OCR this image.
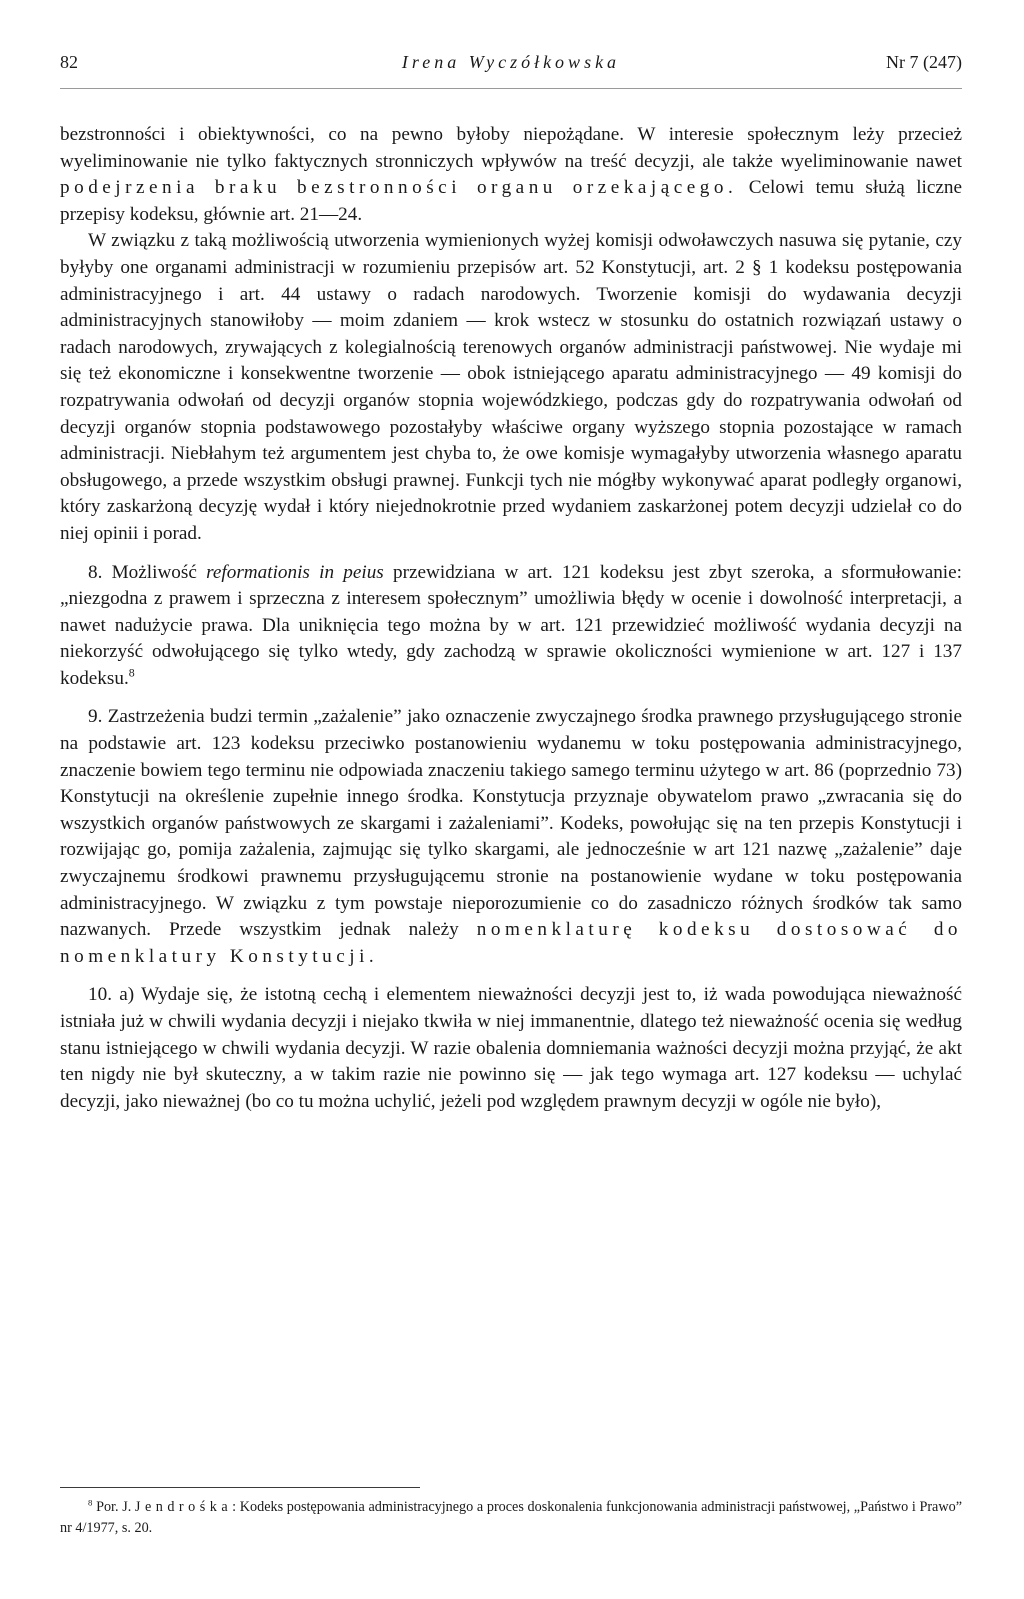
82	Irena Wyczółkowska	Nr 7 (247)

bezstronności i obiektywności, co na pewno byłoby niepożądane. W interesie społecznym leży przecież wyeliminowanie nie tylko faktycznych stronniczych wpływów na treść decyzji, ale także wyeliminowanie nawet podejrzenia braku bezstronności organu orzekającego. Celowi temu służą liczne przepisy kodeksu, głównie art. 21—24.

W związku z taką możliwością utworzenia wymienionych wyżej komisji odwoławczych nasuwa się pytanie, czy byłyby one organami administracji w rozumieniu przepisów art. 52 Konstytucji, art. 2 § 1 kodeksu postępowania administracyjnego i art. 44 ustawy o radach narodowych. Tworzenie komisji do wydawania decyzji administracyjnych stanowiłoby — moim zdaniem — krok wstecz w stosunku do ostatnich rozwiązań ustawy o radach narodowych, zrywających z kolegialnością terenowych organów administracji państwowej. Nie wydaje mi się też ekonomiczne i konsekwentne tworzenie — obok istniejącego aparatu administracyjnego — 49 komisji do rozpatrywania odwołań od decyzji organów stopnia wojewódzkiego, podczas gdy do rozpatrywania odwołań od decyzji organów stopnia podstawowego pozostałyby właściwe organy wyższego stopnia pozostające w ramach administracji. Niebłahym też argumentem jest chyba to, że owe komisje wymagałyby utworzenia własnego aparatu obsługowego, a przede wszystkim obsługi prawnej. Funkcji tych nie mógłby wykonywać aparat podległy organowi, który zaskarżoną decyzję wydał i który niejednokrotnie przed wydaniem zaskarżonej potem decyzji udzielał co do niej opinii i porad.

8. Możliwość reformationis in peius przewidziana w art. 121 kodeksu jest zbyt szeroka, a sformułowanie: „niezgodna z prawem i sprzeczna z interesem społecznym” umożliwia błędy w ocenie i dowolność interpretacji, a nawet nadużycie prawa. Dla uniknięcia tego można by w art. 121 przewidzieć możliwość wydania decyzji na niekorzyść odwołującego się tylko wtedy, gdy zachodzą w sprawie okoliczności wymienione w art. 127 i 137 kodeksu.$^8$

9. Zastrzeżenia budzi termin „zażalenie” jako oznaczenie zwyczajnego środka prawnego przysługującego stronie na podstawie art. 123 kodeksu przeciwko postanowieniu wydanemu w toku postępowania administracyjnego, znaczenie bowiem tego terminu nie odpowiada znaczeniu takiego samego terminu użytego w art. 86 (poprzednio 73) Konstytucji na określenie zupełnie innego środka. Konstytucja przyznaje obywatelom prawo „zwracania się do wszystkich organów państwowych ze skargami i zażaleniami”. Kodeks, powołując się na ten przepis Konstytucji i rozwijając go, pomija zażalenia, zajmując się tylko skargami, ale jednocześnie w art 121 nazwę „zażalenie” daje zwyczajnemu środkowi prawnemu przysługującemu stronie na postanowienie wydane w toku postępowania administracyjnego. W związku z tym powstaje nieporozumienie co do zasadniczo różnych środków tak samo nazwanych. Przede wszystkim jednak należy nomenklaturę kodeksu dostosować do nomenklatury Konstytucji.

10. a) Wydaje się, że istotną cechą i elementem nieważności decyzji jest to, iż wada powodująca nieważność istniała już w chwili wydania decyzji i niejako tkwiła w niej immanentnie, dlatego też nieważność ocenia się według stanu istniejącego w chwili wydania decyzji. W razie obalenia domniemania ważności decyzji można przyjąć, że akt ten nigdy nie był skuteczny, a w takim razie nie powinno się — jak tego wymaga art. 127 kodeksu — uchylać decyzji, jako nieważnej (bo co tu można uchylić, jeżeli pod względem prawnym decyzji w ogóle nie było),

$^8$ Por. J. Jendrośka: Kodeks postępowania administracyjnego a proces doskonalenia funkcjonowania administracji państwowej, „Państwo i Prawo” nr 4/1977, s. 20.
